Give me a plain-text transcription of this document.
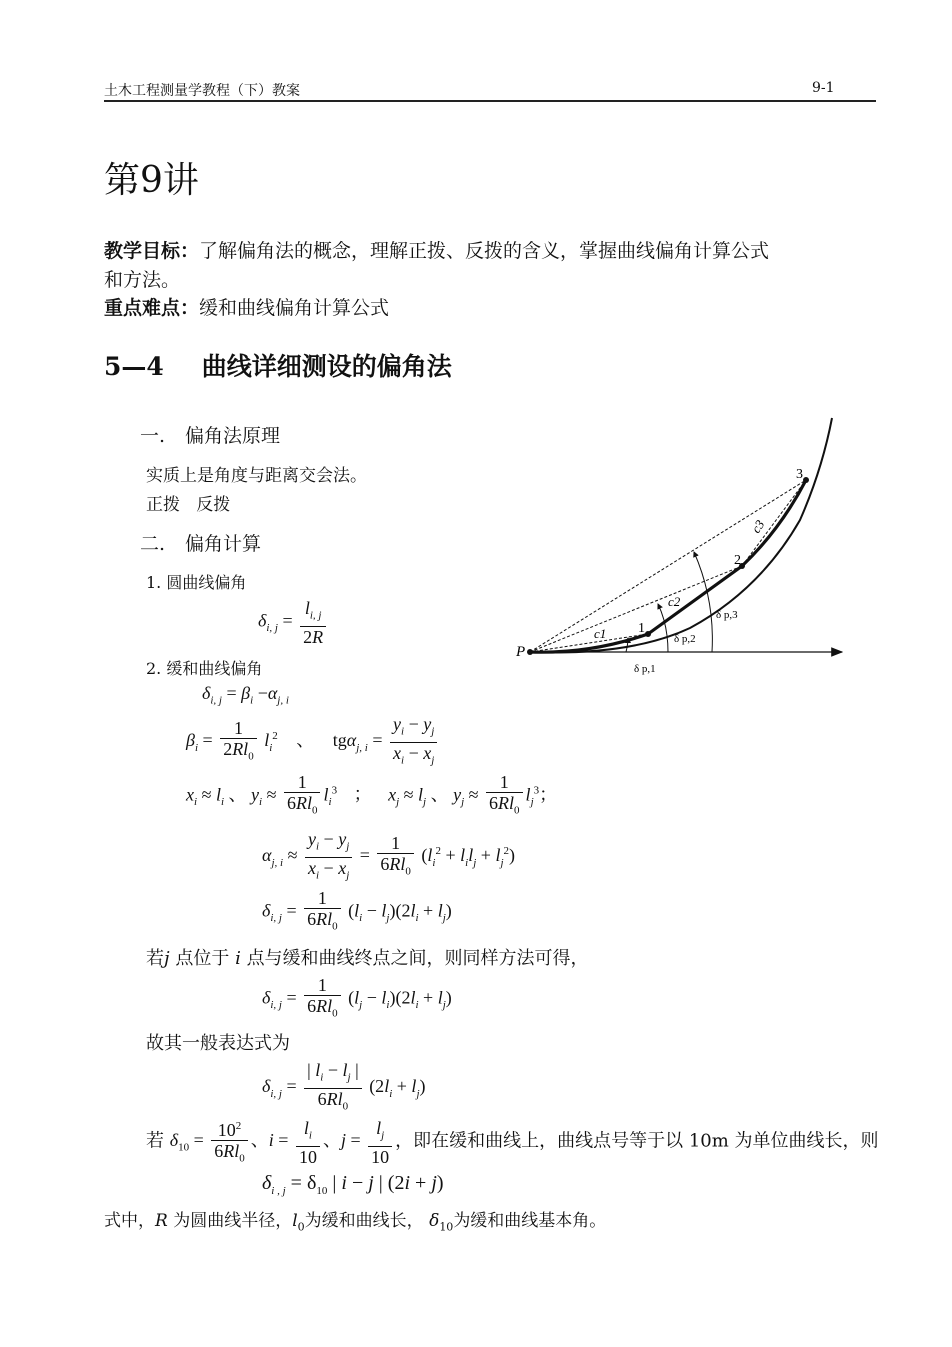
土木工程测量学教程（下）教案	9-1
第9讲
教学目标：了解偏角法的概念，理解正拨、反拨的含义，掌握曲线偏角计算公式
和方法。
重点难点：缓和曲线偏角计算公式
5—4 曲线详细测设的偏角法
一. 偏角法原理
实质上是角度与距离交会法。
正拨   反拨
二. 偏角计算
1. 圆曲线偏角
$\delta_{i, j} = \frac{l_{i, j}}{2R}$
2. 缓和曲线偏角
$\delta_{i, j} = \beta_i -\alpha_{j, i}$
$\beta_i = \frac{1}{2Rl_0} l_i^2$ 、 $tg\alpha_{j, i} = \frac{y_i - y_j}{x_i - x_j}$
$x_i \approx l_i$ 、 $y_i \approx \frac{1}{6Rl_0} l_i^3$ ； $x_j \approx l_j$ 、 $y_j \approx \frac{1}{6Rl_0} l_j^3$；
$\alpha_{j, i} \approx \frac{y_i - y_j}{x_i - x_j} = \frac{1}{6Rl_0} (l_i^2 + l_il_j + l_j^2)$
$\delta_{i, j} = \frac{1}{6Rl_0} (l_i - l_j)(2l_i + l_j)$
若j 点位于 i 点与缓和曲线终点之间，则同样方法可得，
$\delta_{i, j} = \frac{1}{6Rl_0} (l_j - l_i)(2l_i + l_j)$
故其一般表达式为
$\delta_{i, j} = \frac{| l_i - l_j |}{6Rl_0} (2l_i + l_j)$
若 $\delta_{10} = \frac{10^2}{6Rl_0}$ 、$i = \frac{l_i}{10}$ 、$j = \frac{l_j}{10}$ ，即在缓和曲线上，曲线点号等于以 10m 为单位曲线长，则
$\delta_{i , j} = \delta_{10}$ | i − j | (2i + j)
式中，R 为圆曲线半径，$l_0$为缓和曲线长， $\delta_{10}$为缓和曲线基本角。
P
1
2
3
c1
c2
c3
δ p,1
δ p,2
δ p,3
